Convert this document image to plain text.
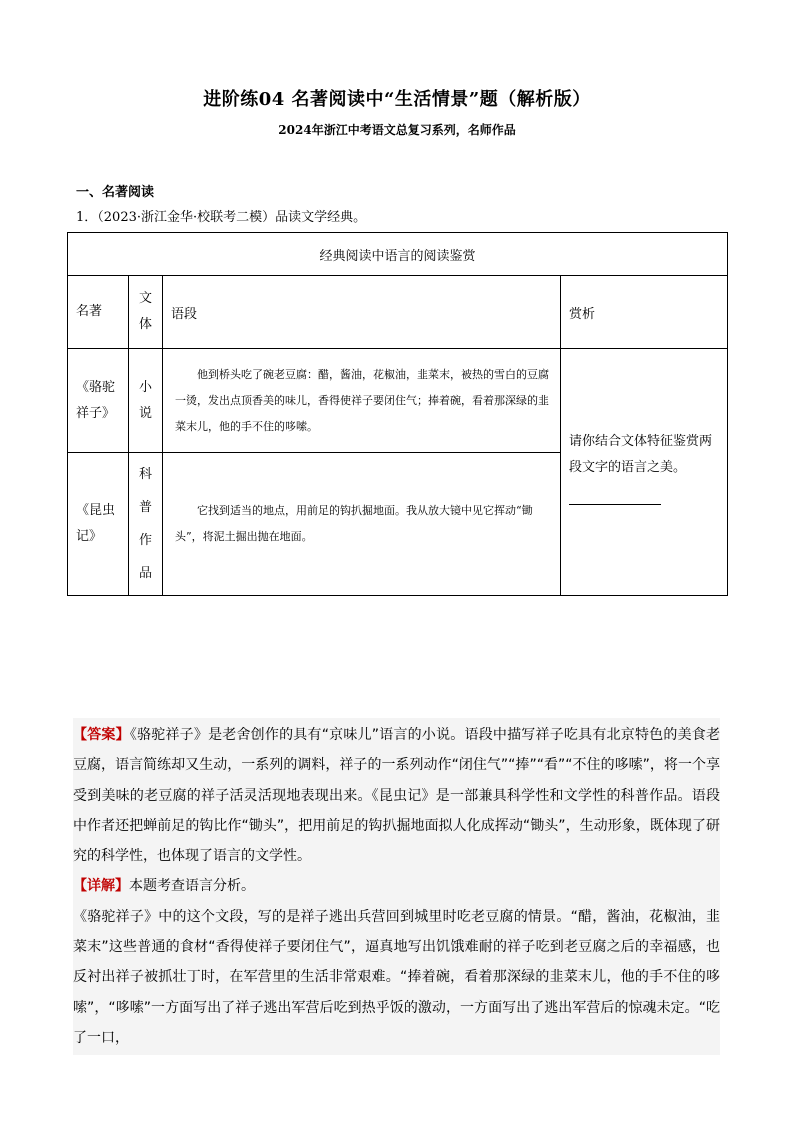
进阶练04 名著阅读中“生活情景”题（解析版）
2024年浙江中考语文总复习系列，名师作品
一、名著阅读
1．（2023·浙江金华·校联考二模）品读文学经典。
经典阅读中语言的阅读鉴赏			
名著	文体	语段	赏析

《骆驼祥子》	小说	他到桥头吃了碗老豆腐：醋，酱油，花椒油，韭菜末，被热的雪白的豆腐一烫，发出点顶香美的味儿，香得使祥子要闭住气；捧着碗，看着那深绿的韭菜末儿，他的手不住的哆嗦。	请你结合文体特征鉴赏两段文字的语言之美。

《昆虫记》	科普作品	它找到适当的地点，用前足的钩扒掘地面。我从放大镜中见它挥动“锄头”，将泥土掘出抛在地面。	

【答案】《骆驼祥子》是老舍创作的具有“京味儿”语言的小说。语段中描写祥子吃具有北京特色的美食老豆腐，语言简练却又生动，一系列的调料，祥子的一系列动作“闭住气”“捧”“看”“不住的哆嗦”，将一个享受到美味的老豆腐的祥子活灵活现地表现出来。《昆虫记》是一部兼具科学性和文学性的科普作品。语段中作者还把蝉前足的钩比作“锄头”，把用前足的钩扒掘地面拟人化成挥动“锄头”，生动形象，既体现了研究的科学性，也体现了语言的文学性。

【详解】本题考查语言分析。

《骆驼祥子》中的这个文段，写的是祥子逃出兵营回到城里时吃老豆腐的情景。“醋，酱油，花椒油，韭菜末”这些普通的食材“香得使祥子要闭住气”，逼真地写出饥饿难耐的祥子吃到老豆腐之后的幸福感，也反衬出祥子被抓壮丁时，在军营里的生活非常艰难。“捧着碗，看着那深绿的韭菜末儿，他的手不住的哆嗦”，“哆嗦”一方面写出了祥子逃出军营后吃到热乎饭的激动，一方面写出了逃出军营后的惊魂未定。“吃了一口，
